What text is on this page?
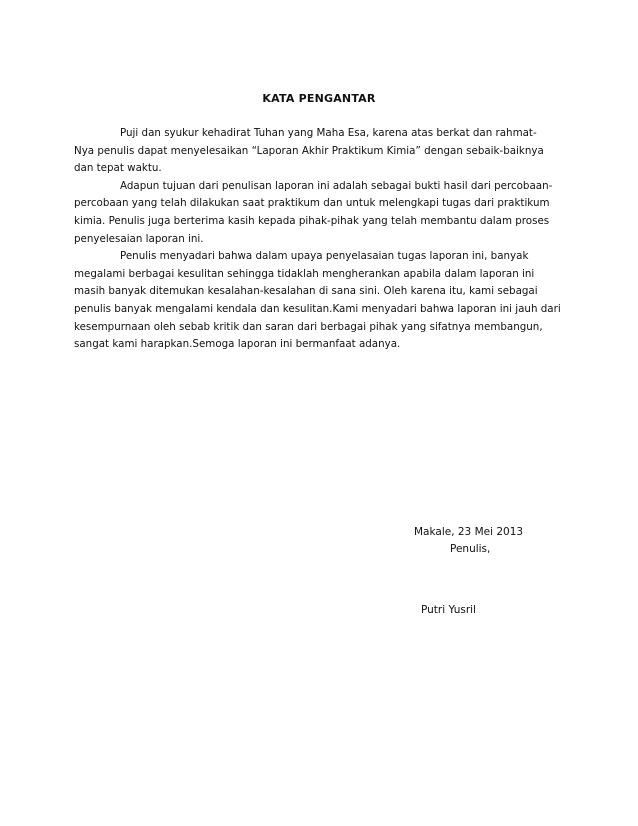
KATA PENGANTAR
Puji dan syukur kehadirat Tuhan yang Maha Esa, karena atas berkat dan rahmat-
Nya penulis dapat menyelesaikan “Laporan Akhir Praktikum Kimia” dengan sebaik-baiknya
dan tepat waktu.
Adapun tujuan dari penulisan laporan ini adalah sebagai bukti hasil dari percobaan-
percobaan yang telah dilakukan saat praktikum dan untuk melengkapi tugas dari praktikum
kimia. Penulis juga berterima kasih kepada pihak-pihak yang telah membantu dalam proses
penyelesaian laporan ini.
Penulis menyadari bahwa dalam upaya penyelasaian tugas laporan ini, banyak
megalami berbagai kesulitan sehingga tidaklah mengherankan apabila dalam laporan ini
masih banyak ditemukan kesalahan-kesalahan di sana sini. Oleh karena itu, kami sebagai
penulis banyak mengalami kendala dan kesulitan.Kami menyadari bahwa laporan ini jauh dari
kesempurnaan oleh sebab kritik dan saran dari berbagai pihak yang sifatnya membangun,
sangat kami harapkan.Semoga laporan ini bermanfaat adanya.
Makale, 23 Mei 2013
Penulis,
Putri Yusril
